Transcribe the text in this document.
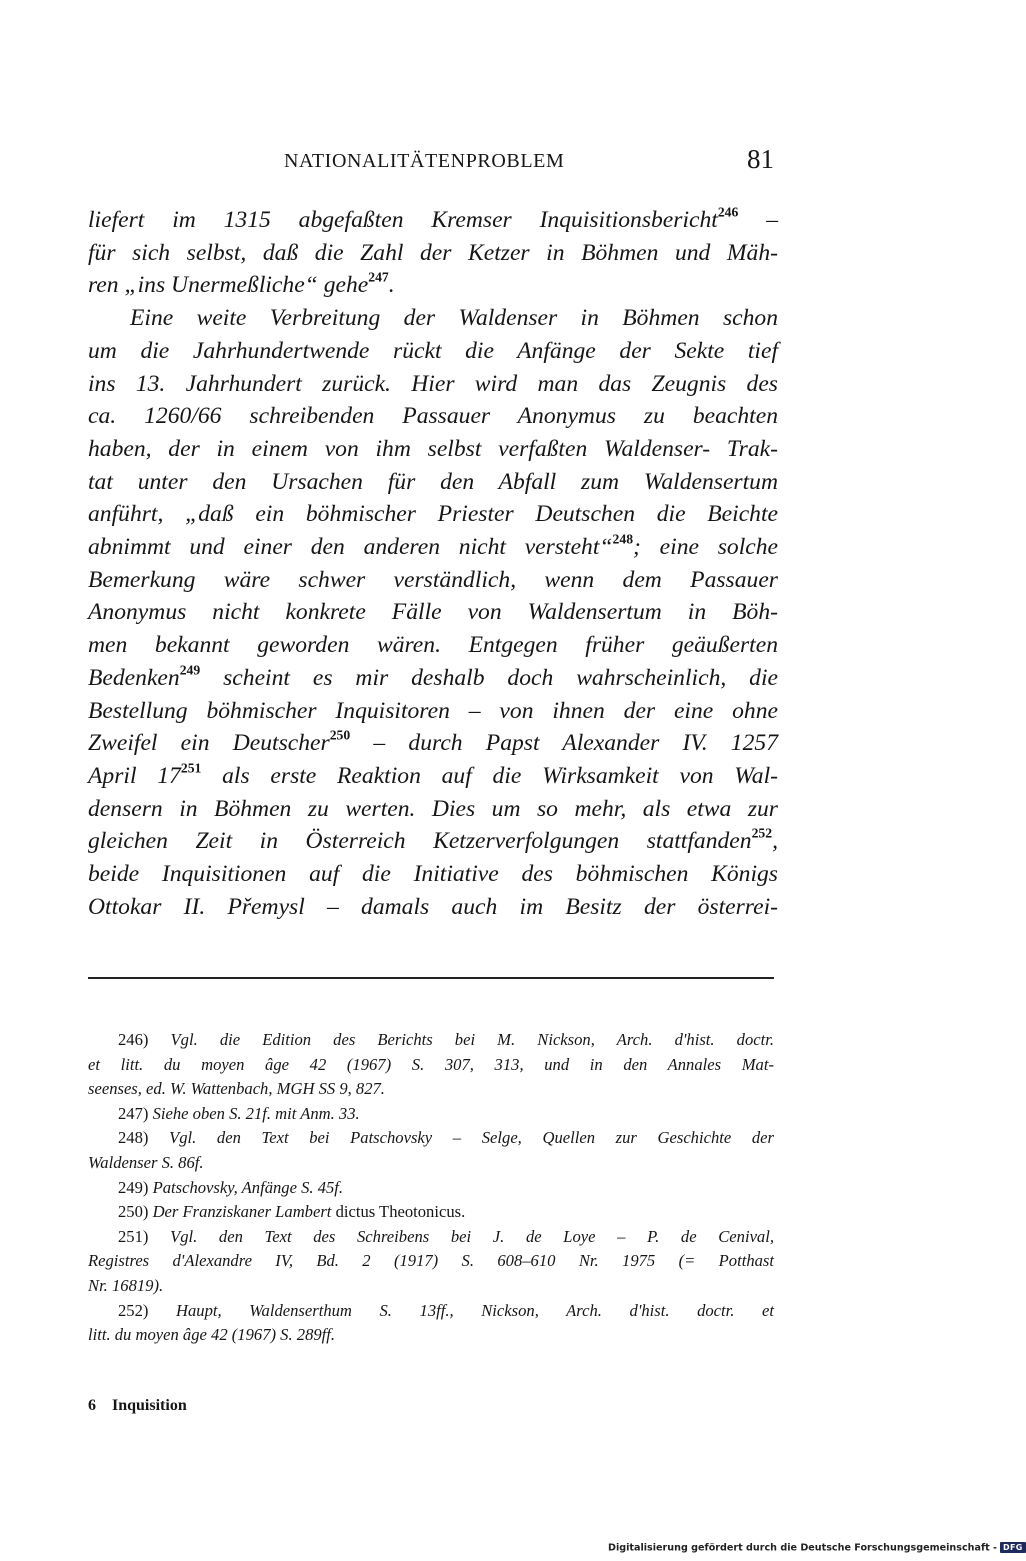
NATIONALITÄTENPROBLEM	81
liefert im 1315 abgefaßten Kremser Inquisitionsbericht$^{246}$ –
für sich selbst, daß die Zahl der Ketzer in Böhmen und Mäh-
ren „ins Unermeßliche“ gehe$^{247}$.
Eine weite Verbreitung der Waldenser in Böhmen schon
um die Jahrhundertwende rückt die Anfänge der Sekte tief
ins 13. Jahrhundert zurück. Hier wird man das Zeugnis des
ca. 1260/66 schreibenden Passauer Anonymus zu beachten
haben, der in einem von ihm selbst verfaßten Waldenser- Trak-
tat unter den Ursachen für den Abfall zum Waldensertum
anführt, „daß ein böhmischer Priester Deutschen die Beichte
abnimmt und einer den anderen nicht versteht“$^{248}$; eine solche
Bemerkung wäre schwer verständlich, wenn dem Passauer
Anonymus nicht konkrete Fälle von Waldensertum in Böh-
men bekannt geworden wären. Entgegen früher geäußerten
Bedenken$^{249}$ scheint es mir deshalb doch wahrscheinlich, die
Bestellung böhmischer Inquisitoren – von ihnen der eine ohne
Zweifel ein Deutscher$^{250}$ – durch Papst Alexander IV. 1257
April $17^{251}$ als erste Reaktion auf die Wirksamkeit von Wal-
densern in Böhmen zu werten. Dies um so mehr, als etwa zur
gleichen Zeit in Österreich Ketzerverfolgungen stattfanden$^{252}$,
beide Inquisitionen auf die Initiative des böhmischen Königs
Ottokar II. Přemysl – damals auch im Besitz der österrei-
246) Vgl. die Edition des Berichts bei M. Nickson, Arch. d'hist. doctr.
et litt. du moyen âge 42 (1967) S. 307, 313, und in den Annales Mat-
seenses, ed. W. Wattenbach, MGH SS 9, 827.
247) Siehe oben S. 21f. mit Anm. 33.
248) Vgl. den Text bei Patschovsky – Selge, Quellen zur Geschichte der
Waldenser S. 86f.
249) Patschovsky, Anfänge S. 45f.
250) Der Franziskaner Lambert dictus Theotonicus.
251) Vgl. den Text des Schreibens bei J. de Loye – P. de Cenival,
Registres d'Alexandre IV, Bd. 2 (1917) S. 608–610 Nr. 1975 (= Potthast
Nr. 16819).
252) Haupt, Waldenserthum S. 13ff., Nickson, Arch. d'hist. doctr. et
litt. du moyen âge 42 (1967) S. 289ff.
6 Inquisition
Digitalisierung gefördert durch die Deutsche Forschungsgemeinschaft - DFG
